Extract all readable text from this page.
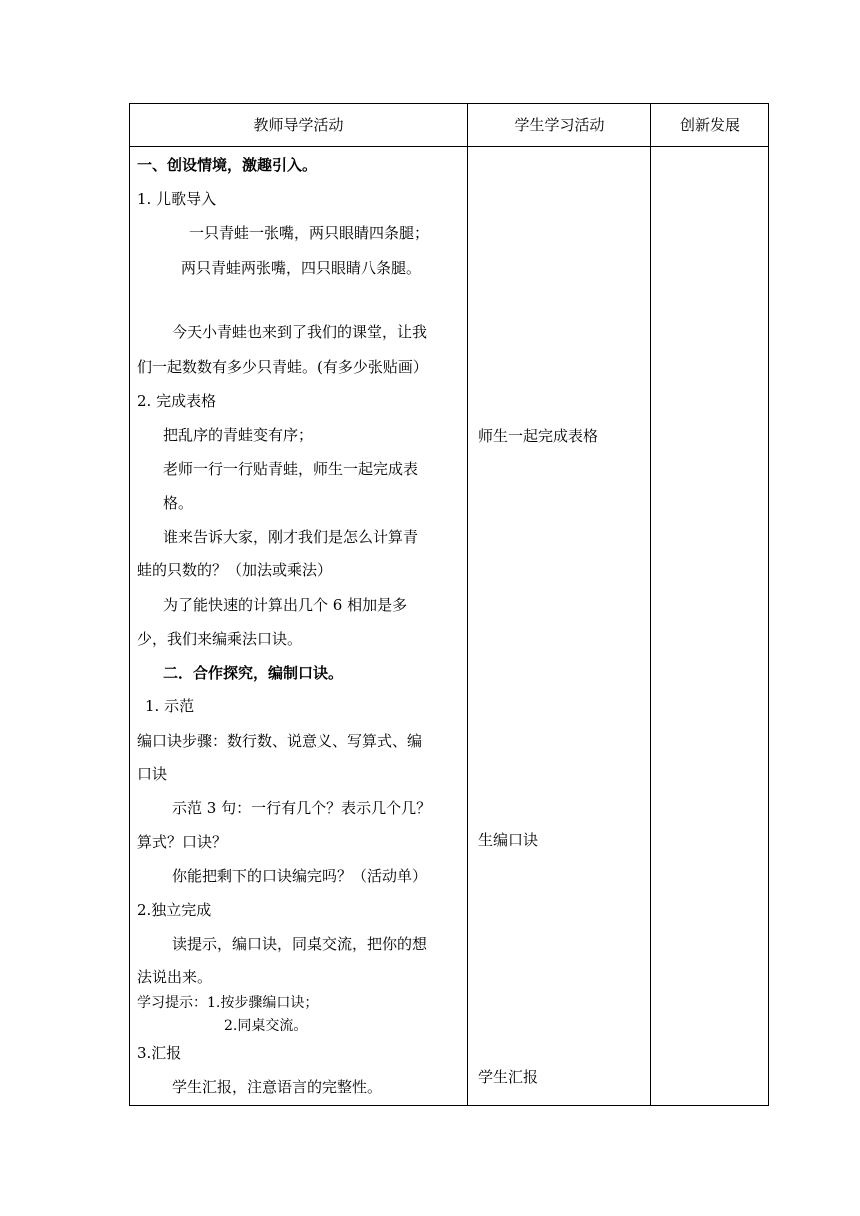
教师导学活动	学生学习活动	创新发展
一、创设情境，激趣引入。
1. 儿歌导入
一只青蛙一张嘴，两只眼睛四条腿；
两只青蛙两张嘴，四只眼睛八条腿。
今天小青蛙也来到了我们的课堂，让我
们一起数数有多少只青蛙。(有多少张贴画）
2. 完成表格
把乱序的青蛙变有序；
老师一行一行贴青蛙，师生一起完成表
格。
谁来告诉大家，刚才我们是怎么计算青
蛙的只数的？（加法或乘法）
为了能快速的计算出几个 6 相加是多
少，我们来编乘法口诀。
二．合作探究，编制口诀。
1. 示范
编口诀步骤：数行数、说意义、写算式、编
口诀
示范 3 句：一行有几个？表示几个几？
算式？口诀？
你能把剩下的口诀编完吗？（活动单）
2.独立完成
读提示，编口诀，同桌交流，把你的想
法说出来。
学习提示：1.按步骤编口诀；
2.同桌交流。
3.汇报
学生汇报，注意语言的完整性。
师生一起完成表格
生编口诀
学生汇报
